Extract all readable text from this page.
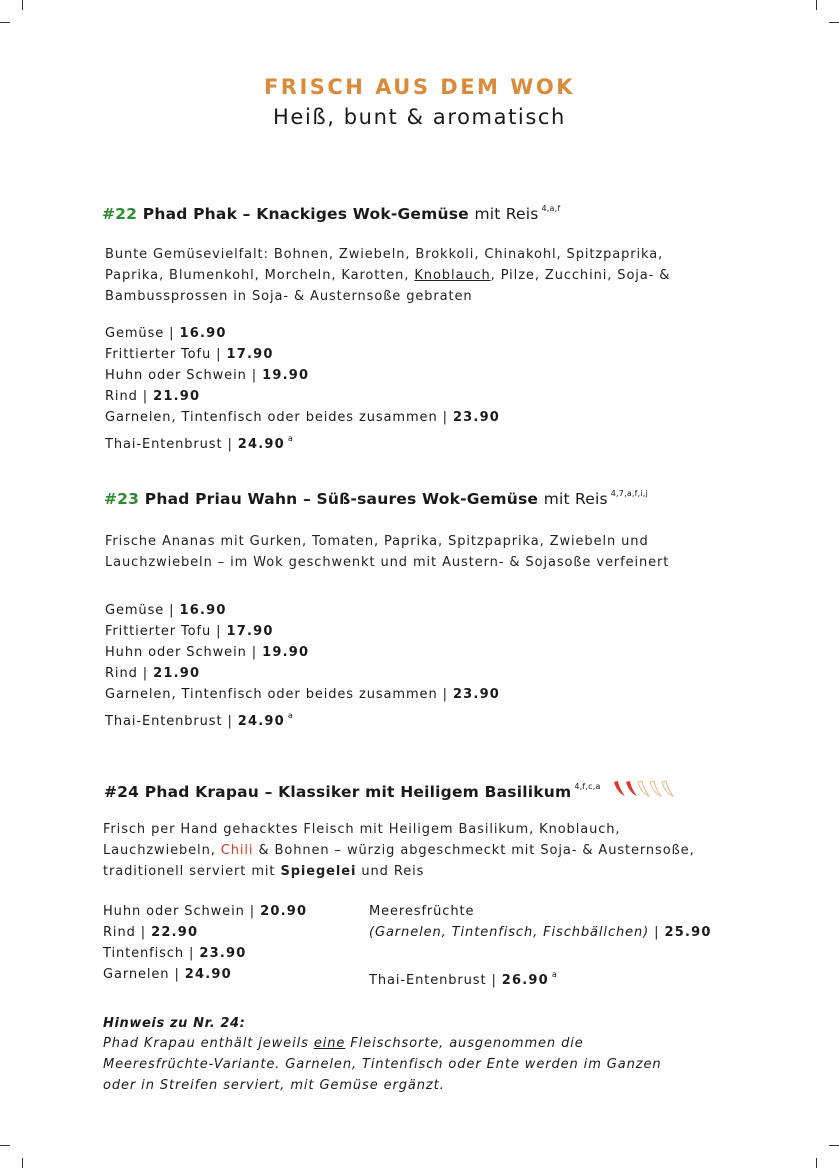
FRISCH AUS DEM WOK
Heiß, bunt & aromatisch
#22 Phad Phak – Knackiges Wok-Gemüse mit Reis $^{4,a,f}$
Bunte Gemüsevielfalt: Bohnen, Zwiebeln, Brokkoli, Chinakohl, Spitzpaprika,
Paprika, Blumenkohl, Morcheln, Karotten, Knoblauch, Pilze, Zucchini, Soja- &
Bambussprossen in Soja- & Austernsoße gebraten
Gemüse | 16.90
Frittierter Tofu | 17.90
Huhn oder Schwein | 19.90
Rind | 21.90
Garnelen, Tintenfisch oder beides zusammen | 23.90
Thai-Entenbrust | 24.90 $^a$
#23 Phad Priau Wahn – Süß-saures Wok-Gemüse mit Reis $^{4,7,a,f,i,j}$
Frische Ananas mit Gurken, Tomaten, Paprika, Spitzpaprika, Zwiebeln und
Lauchzwiebeln – im Wok geschwenkt und mit Austern- & Sojasoße verfeinert
Gemüse | 16.90
Frittierter Tofu | 17.90
Huhn oder Schwein | 19.90
Rind | 21.90
Garnelen, Tintenfisch oder beides zusammen | 23.90
Thai-Entenbrust | 24.90 $^a$
#24 Phad Krapau – Klassiker mit Heiligem Basilikum $^{4,f,c,a}$
Frisch per Hand gehacktes Fleisch mit Heiligem Basilikum, Knoblauch,
Lauchzwiebeln, Chili & Bohnen – würzig abgeschmeckt mit Soja- & Austernsoße,
traditionell serviert mit Spiegelei und Reis
Huhn oder Schwein | 20.90
Rind | 22.90
Tintenfisch | 23.90
Garnelen | 24.90
Meeresfrüchte
(Garnelen, Tintenfisch, Fischbällchen) | 25.90
Thai-Entenbrust | 26.90 $^a$
Hinweis zu Nr. 24:
Phad Krapau enthält jeweils eine Fleischsorte, ausgenommen die
Meeresfrüchte-Variante. Garnelen, Tintenfisch oder Ente werden im Ganzen
oder in Streifen serviert, mit Gemüse ergänzt.
